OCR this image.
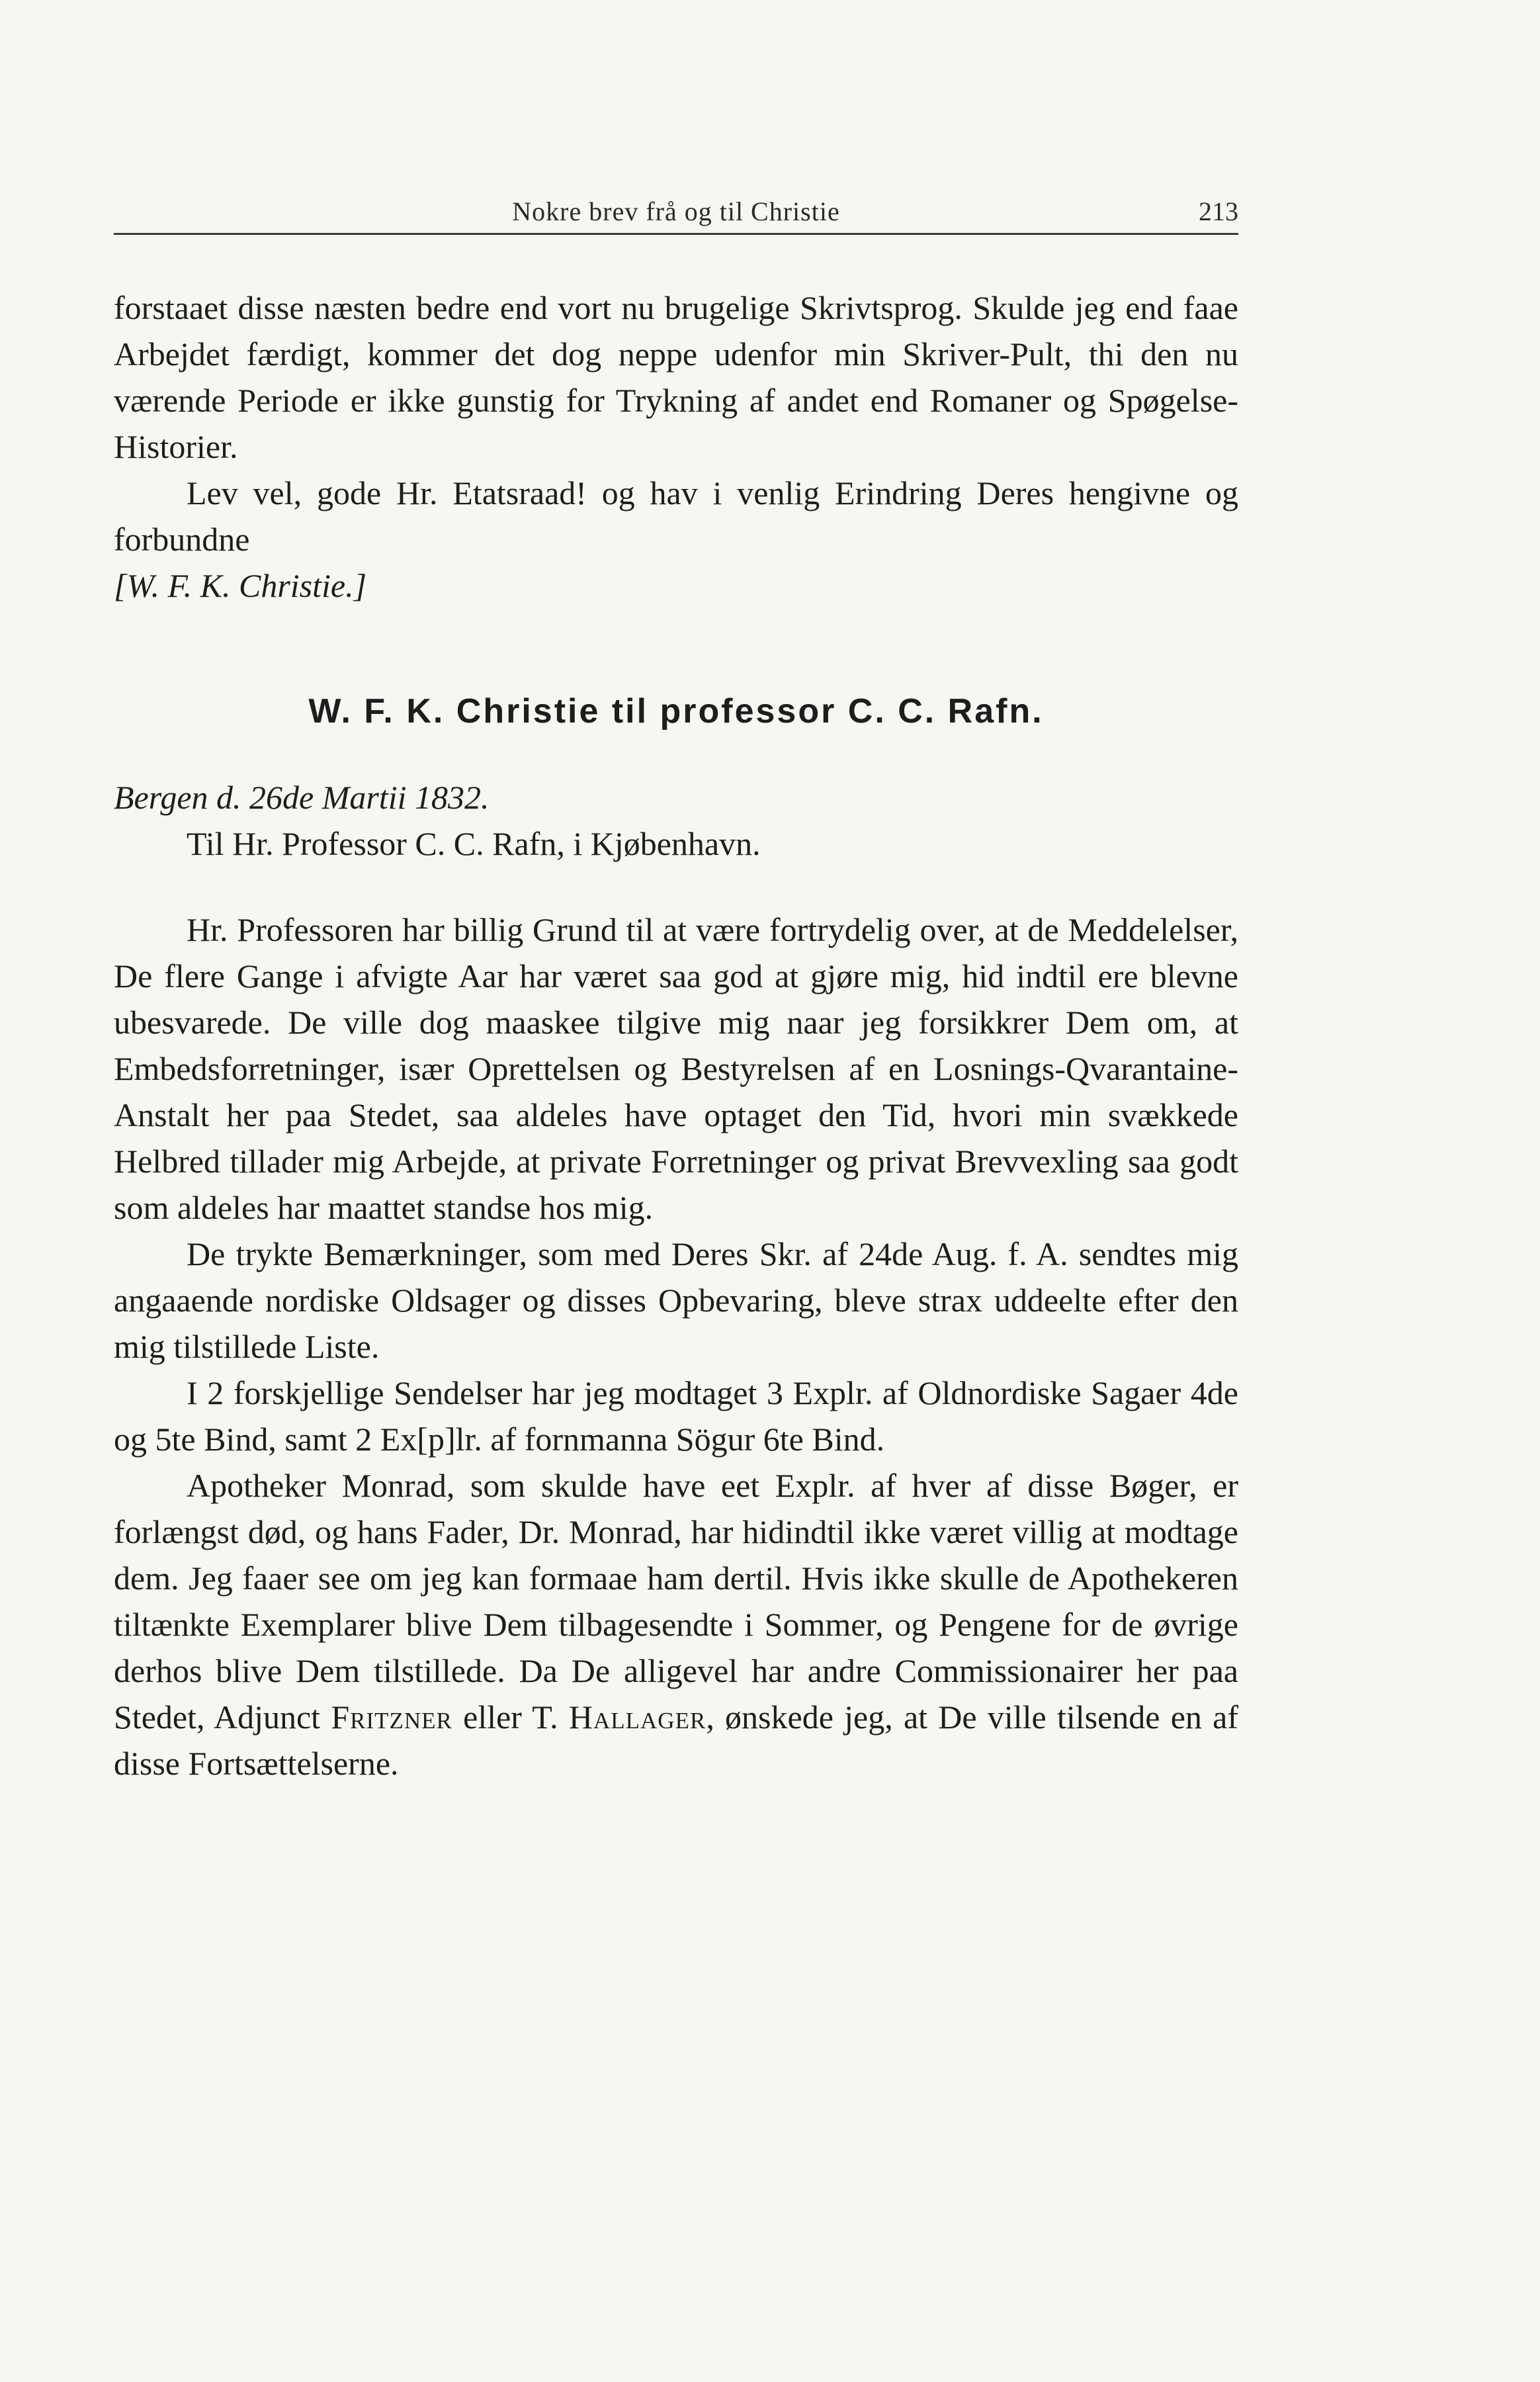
Nokre brev frå og til Christie	213

forstaaet disse næsten bedre end vort nu brugelige Skrivtsprog. Skulde jeg end faae Arbejdet færdigt, kommer det dog neppe udenfor min Skriver-Pult, thi den nu værende Periode er ikke gunstig for Trykning af andet end Romaner og Spøgelse-Historier.

Lev vel, gode Hr. Etatsraad! og hav i venlig Erindring Deres hengivne og forbundne

[W. F. K. Christie.]

W. F. K. Christie til professor C. C. Rafn.

Bergen d. 26de Martii 1832.

Til Hr. Professor C. C. Rafn, i Kjøbenhavn.

Hr. Professoren har billig Grund til at være fortrydelig over, at de Meddelelser, De flere Gange i afvigte Aar har været saa god at gjøre mig, hid indtil ere blevne ubesvarede. De ville dog maaskee tilgive mig naar jeg forsikkrer Dem om, at Embedsforretninger, især Oprettelsen og Bestyrelsen af en Losnings-Qvarantaine-Anstalt her paa Stedet, saa aldeles have optaget den Tid, hvori min svækkede Helbred tillader mig Arbejde, at private Forretninger og privat Brevvexling saa godt som aldeles har maattet standse hos mig.

De trykte Bemærkninger, som med Deres Skr. af 24de Aug. f. A. sendtes mig angaaende nordiske Oldsager og disses Opbevaring, bleve strax uddeelte efter den mig tilstillede Liste.

I 2 forskjellige Sendelser har jeg modtaget 3 Explr. af Oldnordiske Sagaer 4de og 5te Bind, samt 2 Ex[p]lr. af fornmanna Sögur 6te Bind.

Apotheker Monrad, som skulde have eet Explr. af hver af disse Bøger, er forlængst død, og hans Fader, Dr. Monrad, har hidindtil ikke været villig at modtage dem. Jeg faaer see om jeg kan formaae ham dertil. Hvis ikke skulle de Apothekeren tiltænkte Exemplarer blive Dem tilbagesendte i Sommer, og Pengene for de øvrige derhos blive Dem tilstillede. Da De alligevel har andre Commissionairer her paa Stedet, Adjunct Fritzner eller T. Hallager, ønskede jeg, at De ville tilsende en af disse Fortsættelserne.
